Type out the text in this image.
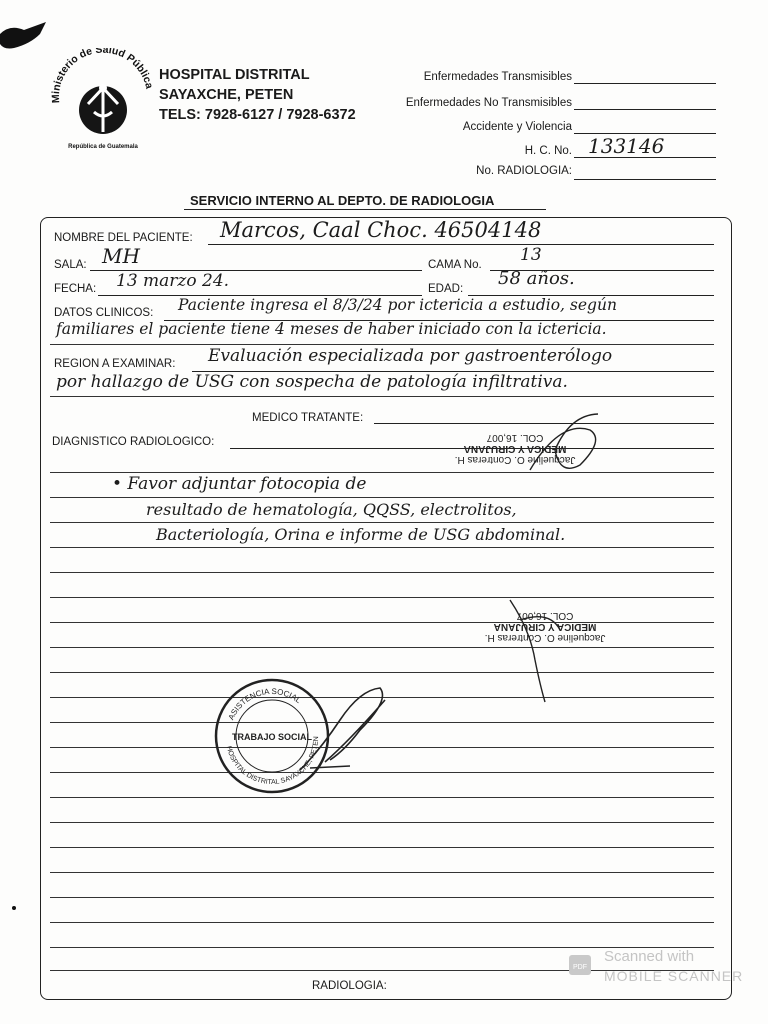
Ministerio de Salud Pública
República de Guatemala
HOSPITAL DISTRITAL
SAYAXCHE, PETEN
TELS: 7928-6127 / 7928-6372
Enfermedades Transmisibles
Enfermedades No Transmisibles
Accidente y Violencia
H. C. No. 133146
No. RADIOLOGIA:
SERVICIO INTERNO AL DEPTO. DE RADIOLOGIA
NOMBRE DEL PACIENTE: Marcos, Caal Choc. 46504148
SALA: MH	CAMA No. 13
FECHA: 13 marzo 24.	EDAD: 58 años.
DATOS CLINICOS: Paciente ingresa el 8/3/24 por ictericia a estudio, según
familiares el paciente tiene 4 meses de haber iniciado con la ictericia.
REGION A EXAMINAR: Evaluación especializada por gastroenterólogo
por hallazgo de USG con sospecha de patología infiltrativa.
MEDICO TRATANTE:
DIAGNISTICO RADIOLOGICO:
• Favor adjuntar fotocopia de
resultado de hematología, QQSS, electrolitos,
Bacteriología, Orina e informe de USG abdominal.
Jacqueline O. Contreras H.
MEDICA Y CIRUJANA
COL. 16,007
Jacqueline O. Contreras H.
MEDICA Y CIRUJANA
COL. 16,007
ASISTENCIA SOCIAL
HOSPITAL DISTRITAL SAYAXCHE, PETEN
TRABAJO SOCIAL
RADIOLOGIA:
PDF
Scanned with
MOBILE SCANNER
